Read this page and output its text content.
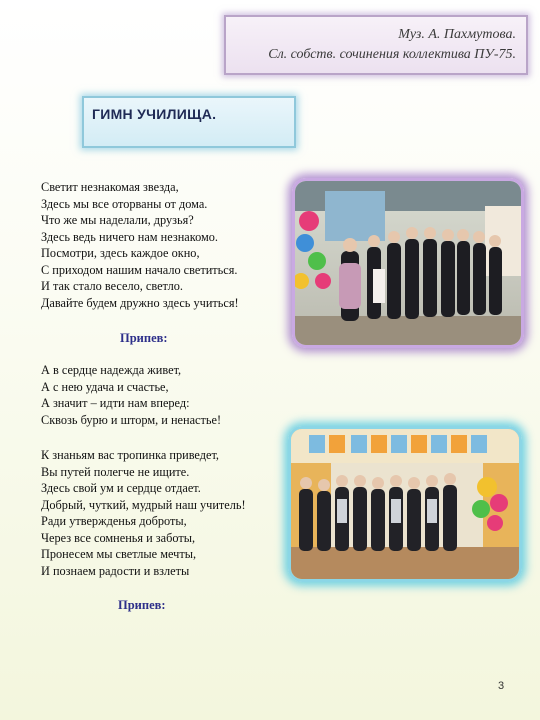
Муз. А. Пахмутова.
Сл. собств. сочинения коллектива ПУ-75.
ГИМН УЧИЛИЩА.
Светит незнакомая звезда,
Здесь мы все оторваны от дома.
Что же мы наделали, друзья?
Здесь ведь ничего нам незнакомо.
Посмотри, здесь каждое окно,
С приходом нашим начало светиться.
И так стало весело, светло.
Давайте будем дружно здесь учиться!
Припев:
А в сердце надежда живет,
А с нею удача и счастье,
А значит – идти нам вперед:
Сквозь бурю и шторм, и ненастье!
К знаньям вас тропинка приведет,
Вы путей полегче не ищите.
Здесь свой ум и сердце отдает.
Добрый, чуткий, мудрый наш учитель!
Ради утвержденья доброты,
Через все сомненья и заботы,
Пронесем мы светлые мечты,
И познаем радости и взлеты
Припев:
3
